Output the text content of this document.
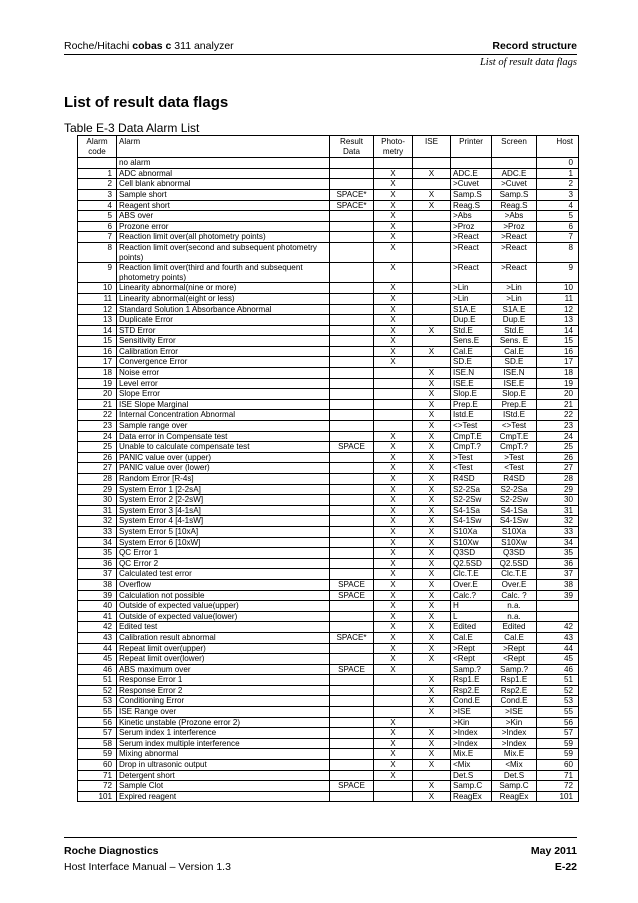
Roche/Hitachi cobas c 311 analyzer	Record structure
List of result data flags
List of result data flags
Table E-3 Data Alarm List
Alarm code	Alarm	Result Data	Photo-metry	ISE	Printer	Screen	Host
	no alarm						0
1	ADC abnormal		X	X	ADC.E	ADC.E	1
2	Cell blank abnormal		X		>Cuvet	>Cuvet	2
3	Sample short	SPACE*	X	X	Samp.S	Samp.S	3
4	Reagent short	SPACE*	X	X	Reag.S	Reag.S	4
5	ABS over		X		>Abs	>Abs	5
6	Prozone error		X		>Proz	>Proz	6
7	Reaction limit over(all photometry points)		X		>React	>React	7
8	Reaction limit over(second and subsequent photometry points)		X		>React	>React	8
9	Reaction limit over(third and fourth and subsequent photometry points)		X		>React	>React	9
10	Linearity abnormal(nine or more)		X		>Lin	>Lin	10
11	Linearity abnormal(eight or less)		X		>Lin	>Lin	11
12	Standard Solution 1 Absorbance Abnormal		X		S1A.E	S1A.E	12
13	Duplicate Error		X		Dup.E	Dup.E	13
14	STD Error		X	X	Std.E	Std.E	14
15	Sensitivity Error		X		Sens.E	Sens. E	15
16	Calibration Error		X	X	Cal.E	Cal.E	16
17	Convergence Error		X		SD.E	SD.E	17
18	Noise error			X	ISE.N	ISE.N	18
19	Level error			X	ISE.E	ISE.E	19
20	Slope Error			X	Slop.E	Slop.E	20
21	ISE Slope Marginal			X	Prep.E	Prep.E	21
22	Internal Concentration Abnormal			X	Istd.E	IStd.E	22
23	Sample range over			X	<>Test	<>Test	23
24	Data error in Compensate test		X	X	CmpT.E	CmpT.E	24
25	Unable to calculate compensate test	SPACE	X	X	CmpT.?	CmpT.?	25
26	PANIC value over (upper)		X	X	>Test	>Test	26
27	PANIC value over (lower)		X	X	<Test	<Test	27
28	Random Error [R-4s]		X	X	R4SD	R4SD	28
29	System Error 1 [2-2sA]		X	X	S2-2Sa	S2-2Sa	29
30	System Error 2 [2-2sW]		X	X	S2-2Sw	S2-2Sw	30
31	System Error 3 [4-1sA]		X	X	S4-1Sa	S4-1Sa	31
32	System Error 4 [4-1sW]		X	X	S4-1Sw	S4-1Sw	32
33	System Error 5 [10xA]		X	X	S10Xa	S10Xa	33
34	System Error 6 [10xW]		X	X	S10Xw	S10Xw	34
35	QC Error 1		X	X	Q3SD	Q3SD	35
36	QC Error 2		X	X	Q2.5SD	Q2.5SD	36
37	Calculated test error		X	X	Clc.T.E	Clc.T.E	37
38	Overflow	SPACE	X	X	Over.E	Over.E	38
39	Calculation not possible	SPACE	X	X	Calc.?	Calc. ?	39
40	Outside of expected value(upper)		X	X	H	n.a.	
41	Outside of expected value(lower)		X	X	L	n.a.	
42	Edited test		X	X	Edited	Edited	42
43	Calibration result abnormal	SPACE*	X	X	Cal.E	Cal.E	43
44	Repeat limit over(upper)		X	X	>Rept	>Rept	44
45	Repeat limit over(lower)		X	X	<Rept	<Rept	45
46	ABS maximum over	SPACE	X		Samp.?	Samp.?	46
51	Response Error 1			X	Rsp1.E	Rsp1.E	51
52	Response Error 2			X	Rsp2.E	Rsp2.E	52
53	Conditioning Error			X	Cond.E	Cond.E	53
55	ISE Range over			X	>ISE	>ISE	55
56	Kinetic unstable (Prozone error 2)		X		>Kin	>Kin	56
57	Serum index 1 interference		X	X	>Index	>Index	57
58	Serum index multiple interference		X	X	>Index	>Index	59
59	Mixing abnormal		X	X	Mix.E	Mix.E	59
60	Drop in ultrasonic output		X	X	<Mix	<Mix	60
71	Detergent short		X		Det.S	Det.S	71
72	Sample Clot	SPACE		X	Samp.C	Samp.C	72
101	Expired reagent			X	ReagEx	ReagEx	101
Roche Diagnostics
Host Interface Manual – Version 1.3
May 2011
E-22
